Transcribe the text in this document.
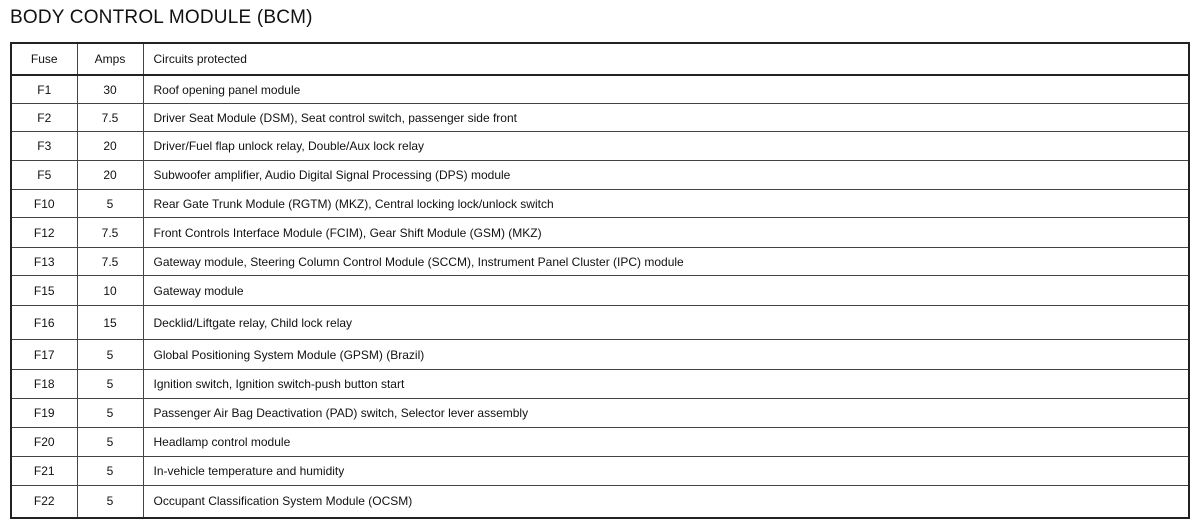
BODY CONTROL MODULE (BCM)
Fuse	Amps	Circuits protected
F1	30	Roof opening panel module
F2	7.5	Driver Seat Module (DSM), Seat control switch, passenger side front
F3	20	Driver/Fuel flap unlock relay, Double/Aux lock relay
F5	20	Subwoofer amplifier, Audio Digital Signal Processing (DPS) module
F10	5	Rear Gate Trunk Module (RGTM) (MKZ), Central locking lock/unlock switch
F12	7.5	Front Controls Interface Module (FCIM), Gear Shift Module (GSM) (MKZ)
F13	7.5	Gateway module, Steering Column Control Module (SCCM), Instrument Panel Cluster (IPC) module
F15	10	Gateway module
F16	15	Decklid/Liftgate relay, Child lock relay
F17	5	Global Positioning System Module (GPSM) (Brazil)
F18	5	Ignition switch, Ignition switch-push button start
F19	5	Passenger Air Bag Deactivation (PAD) switch, Selector lever assembly
F20	5	Headlamp control module
F21	5	In-vehicle temperature and humidity
F22	5	Occupant Classification System Module (OCSM)
